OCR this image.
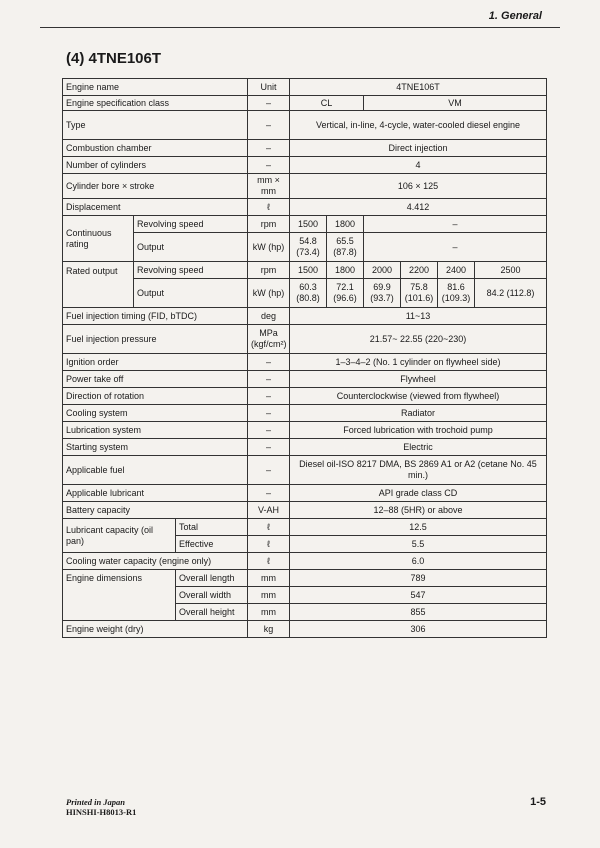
1. General
(4) 4TNE106T
Engine name			Unit	4TNE106T					
Engine specification class			–	CL		VM			
Type			–	Vertical, in-line, 4-cycle, water-cooled diesel engine					
Combustion chamber			–	Direct injection					
Number of cylinders			–	4					
Cylinder bore × stroke			mm × mm	106 × 125					
Displacement			ℓ	4.412					
Continuous rating	Revolving speed		rpm	1500	1800	–			
	Output		kW (hp)	54.8 (73.4)	65.5 (87.8)	–			
Rated output	Revolving speed		rpm	1500	1800	2000	2200	2400	2500
	Output		kW (hp)	60.3 (80.8)	72.1 (96.6)	69.9 (93.7)	75.8 (101.6)	81.6 (109.3)	84.2 (112.8)
Fuel injection timing (FID, bTDC)			deg	11~13					
Fuel injection pressure			MPa (kgf/cm²)	21.57~ 22.55 (220~230)					
Ignition order			–	1–3–4–2 (No. 1 cylinder on flywheel side)					
Power take off			–	Flywheel					
Direction of rotation			–	Counterclockwise (viewed from flywheel)					
Cooling system			–	Radiator					
Lubrication system			–	Forced lubrication with trochoid pump					
Starting system			–	Electric					
Applicable fuel			–	Diesel oil-ISO 8217 DMA, BS 2869 A1 or A2 (cetane No. 45 min.)					
Applicable lubricant			–	API grade class CD					
Battery capacity			V-AH	12–88 (5HR) or above					
Lubricant capacity (oil pan)		Total	ℓ	12.5					
		Effective	ℓ	5.5					
Cooling water capacity (engine only)			ℓ	6.0					
Engine dimensions		Overall length	mm	789					
		Overall width	mm	547					
		Overall height	mm	855					
Engine weight (dry)			kg	306					
Printed in Japan
HINSHI-H8013-R1
1-5
